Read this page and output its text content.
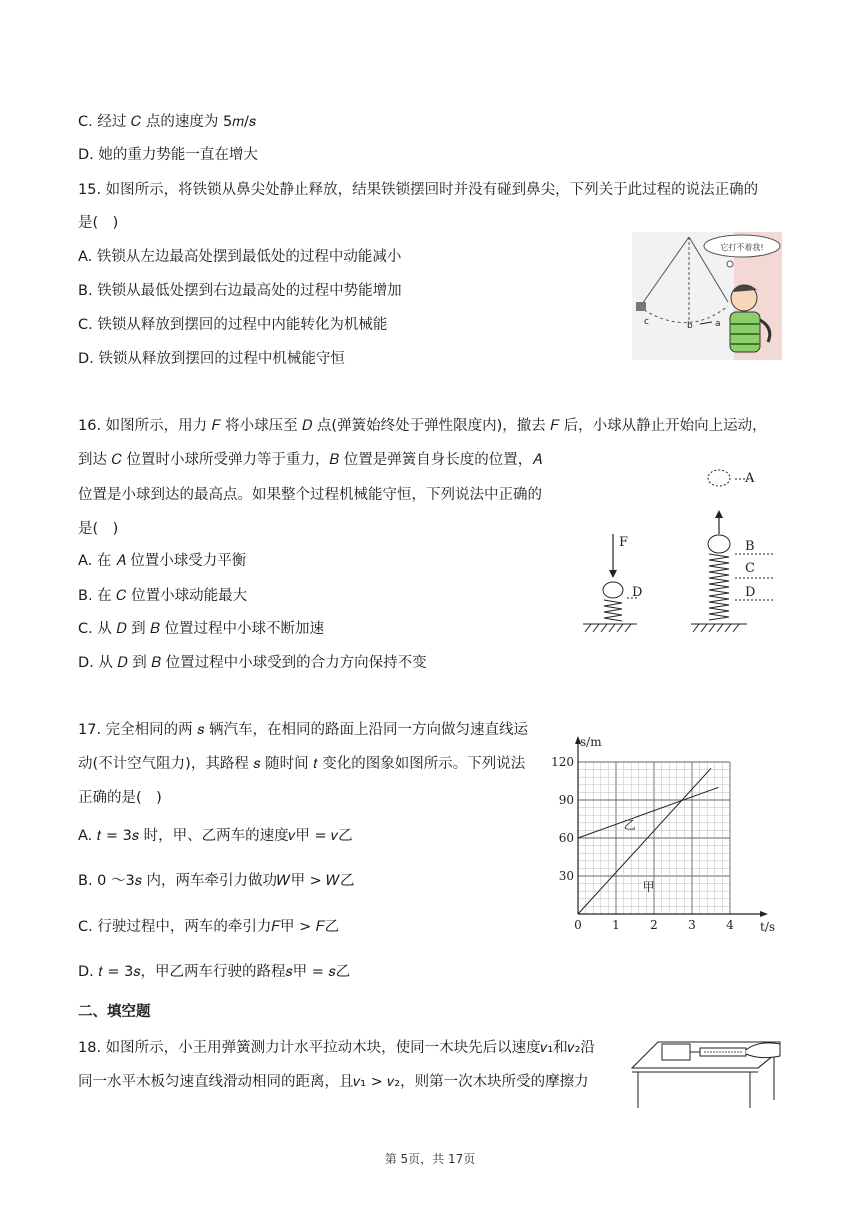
C. 经过 𝐶 点的速度为 5𝑚/𝑠
D. 她的重力势能一直在增大
15. 如图所示，将铁锁从鼻尖处静止释放，结果铁锁摆回时并没有碰到鼻尖，下列关于此过程的说法正确的
是(　)
A. 铁锁从左边最高处摆到最低处的过程中动能减小
B. 铁锁从最低处摆到右边最高处的过程中势能增加
C. 铁锁从释放到摆回的过程中内能转化为机械能
D. 铁锁从释放到摆回的过程中机械能守恒
16. 如图所示，用力 𝐹 将小球压至 𝐷 点(弹簧始终处于弹性限度内)，撤去 𝐹 后，小球从静止开始向上运动，
到达 𝐶 位置时小球所受弹力等于重力，𝐵 位置是弹簧自身长度的位置，𝐴
位置是小球到达的最高点。如果整个过程机械能守恒，下列说法中正确的
是(　)
A. 在 𝐴 位置小球受力平衡
B. 在 𝐶 位置小球动能最大
C. 从 𝐷 到 𝐵 位置过程中小球不断加速
D. 从 𝐷 到 𝐵 位置过程中小球受到的合力方向保持不变
17. 完全相同的两 𝑠 辆汽车，在相同的路面上沿同一方向做匀速直线运
动(不计空气阻力)，其路程 𝑠 随时间 𝑡 变化的图象如图所示。下列说法
正确的是(　)
A. 𝑡 = 3𝑠 时，甲、乙两车的速度𝑣甲 = 𝑣乙
B. 0 ～3𝑠 内，两车牵引力做功𝑊甲 > 𝑊乙
C. 行驶过程中，两车的牵引力𝐹甲 > 𝐹乙
D. 𝑡 = 3𝑠，甲乙两车行驶的路程𝑠甲 = 𝑠乙
二、填空题
18. 如图所示，小王用弹簧测力计水平拉动木块，使同一木块先后以速度𝑣₁和𝑣₂沿
同一水平木板匀速直线滑动相同的距离，且𝑣₁ > 𝑣₂，则第一次木块所受的摩擦力
它打不着我!
c	b a
F
D
A
B
C
D
0	1	2	3	4
30
60
90
120
t/s
s/m
甲
乙
第 5页，共 17页
